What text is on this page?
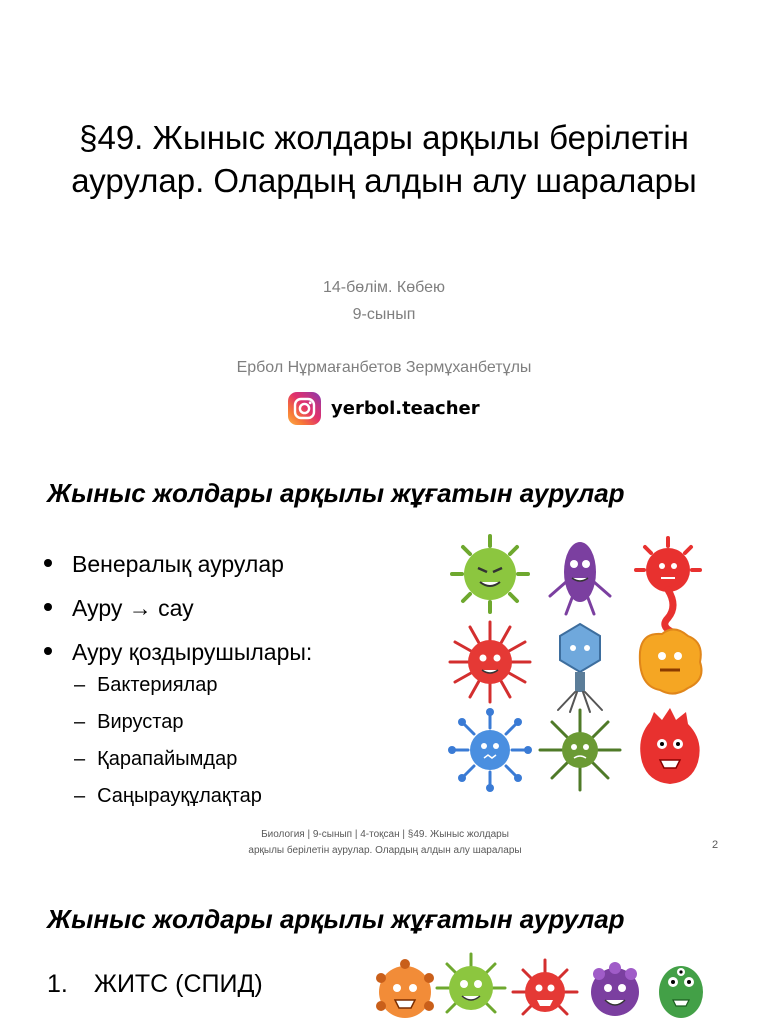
§49. Жыныс жолдары арқылы берілетін
аурулар. Олардың алдын алу шаралары
14-бөлім. Көбею
9-сынып
Ербол Нұрмағанбетов Зермұханбетұлы
yerbol.teacher
Жыныс жолдары арқылы жұғатын аурулар
Венералық аурулар
Ауру → сау
Ауру қоздырушылары:
– Бактериялар
– Вирустар
– Қарапайымдар
– Саңырауқұлақтар
Биология | 9-сынып | 4-тоқсан | §49. Жыныс жолдары
арқылы берілетін аурулар. Олардың алдын алу шаралары	2
Жыныс жолдары арқылы жұғатын аурулар
1. ЖИТС (СПИД)
